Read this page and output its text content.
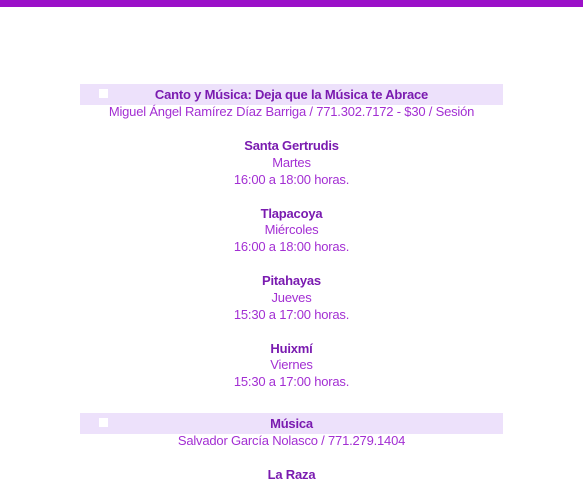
Canto y Música: Deja que la Música te Abrace
Miguel Ángel Ramírez Díaz Barriga / 771.302.7172 - $30 / Sesión
Santa Gertrudis
Martes
16:00 a 18:00 horas.
Tlapacoya
Miércoles
16:00 a 18:00 horas.
Pitahayas
Jueves
15:30 a 17:00 horas.
Huixmí
Viernes
15:30 a 17:00 horas.
Música
Salvador García Nolasco / 771.279.1404
La Raza
